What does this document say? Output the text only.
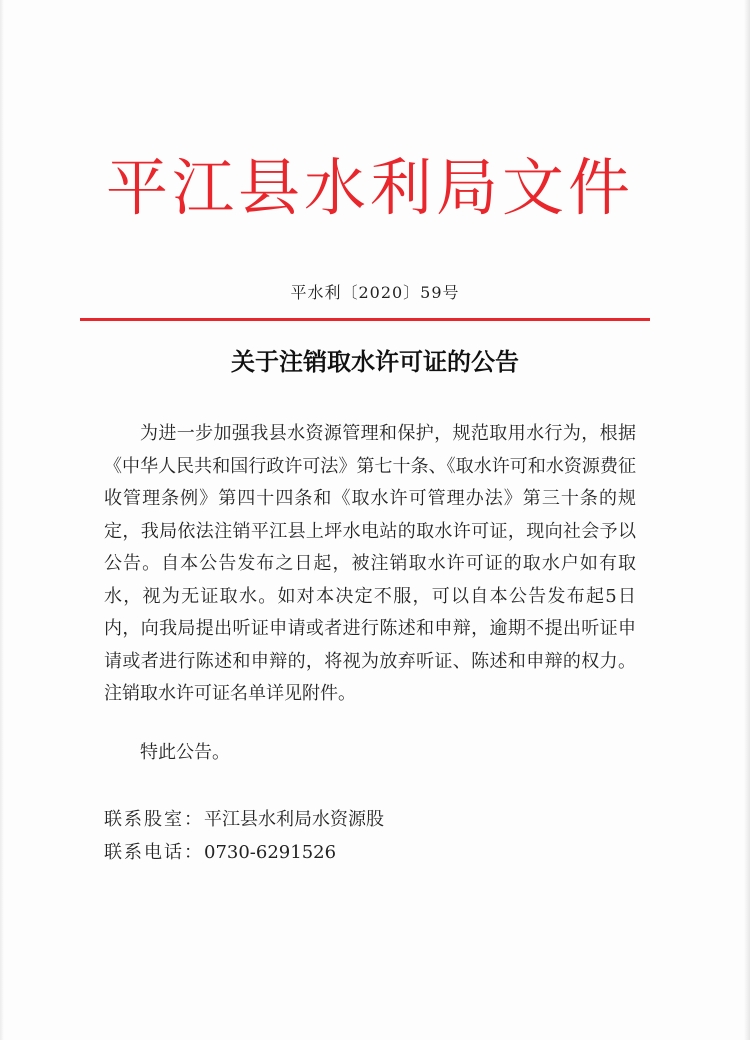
平江县水利局文件
平水利〔2020〕59号
关于注销取水许可证的公告

为进一步加强我县水资源管理和保护，规范取用水行为，根据《中华人民共和国行政许可法》第七十条、《取水许可和水资源费征收管理条例》第四十四条和《取水许可管理办法》第三十条的规定，我局依法注销平江县上坪水电站的取水许可证，现向社会予以公告。自本公告发布之日起，被注销取水许可证的取水户如有取水，视为无证取水。如对本决定不服，可以自本公告发布起5日内，向我局提出听证申请或者进行陈述和申辩，逾期不提出听证申请或者进行陈述和申辩的，将视为放弃听证、陈述和申辩的权力。注销取水许可证名单详见附件。

特此公告。
联系股室：平江县水利局水资源股
联系电话：0730-6291526
